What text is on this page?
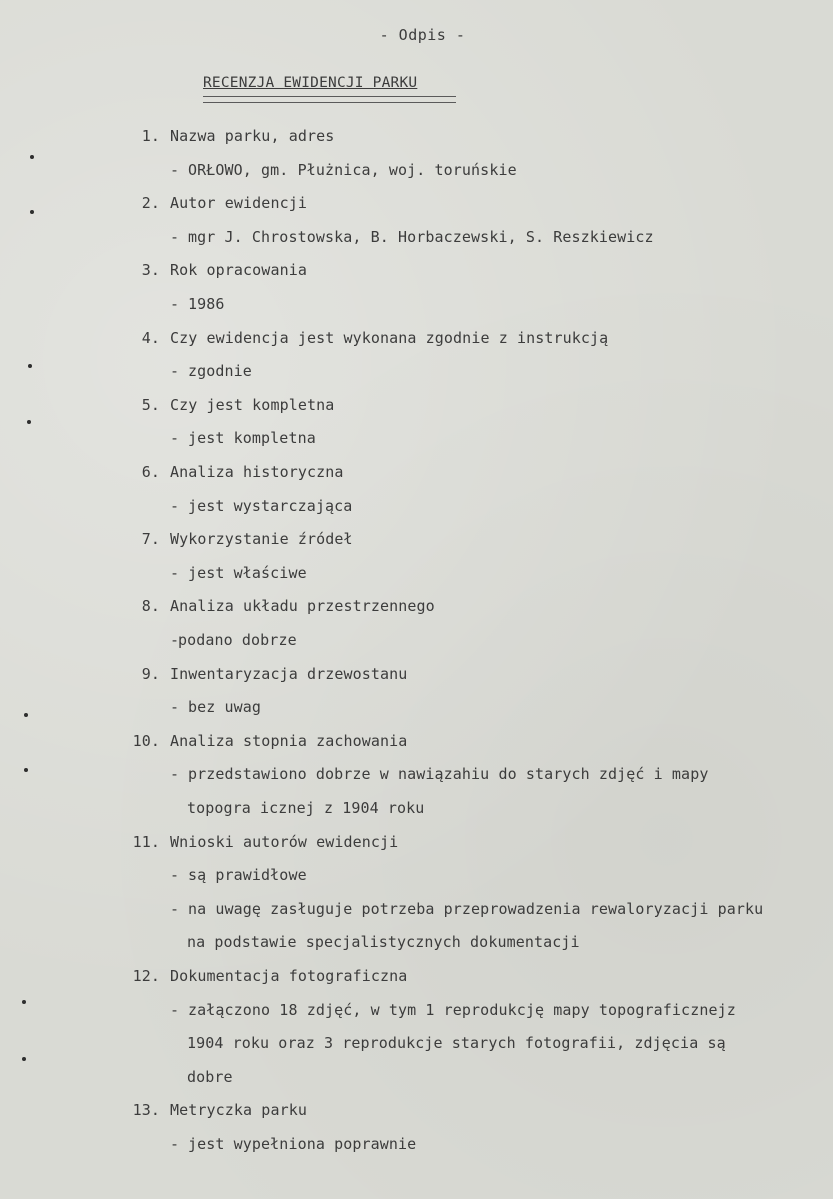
- Odpis -
RECENZJA EWIDENCJI PARKU
1. Nazwa parku, adres
- ORŁOWO, gm. Płużnica, woj. toruńskie
2. Autor ewidencji
- mgr J. Chrostowska, B. Horbaczewski, S. Reszkiewicz
3. Rok opracowania
- 1986
4. Czy ewidencja jest wykonana zgodnie z instrukcją
- zgodnie
5. Czy jest kompletna
- jest kompletna
6. Analiza historyczna
- jest wystarczająca
7. Wykorzystanie źródeł
- jest właściwe
8. Analiza układu przestrzennego
-
podano dobrze
9. Inwentaryzacja drzewostanu
- bez uwag
10. Analiza stopnia zachowania
- przedstawiono dobrze w nawiązahiu do starych zdjęć i mapy
topogra icznej z 1904 roku
11. Wnioski autorów ewidencji
- są prawidłowe
- na uwagę zasługuje potrzeba przeprowadzenia rewaloryzacji parku
na podstawie specjalistycznych dokumentacji
12. Dokumentacja fotograficzna
- załączono 18 zdjęć, w tym 1 reprodukcję mapy topograficznejz
1904 roku oraz 3 reprodukcje starych fotografii, zdjęcia są
dobre
13. Metryczka parku
- jest wypełniona poprawnie
